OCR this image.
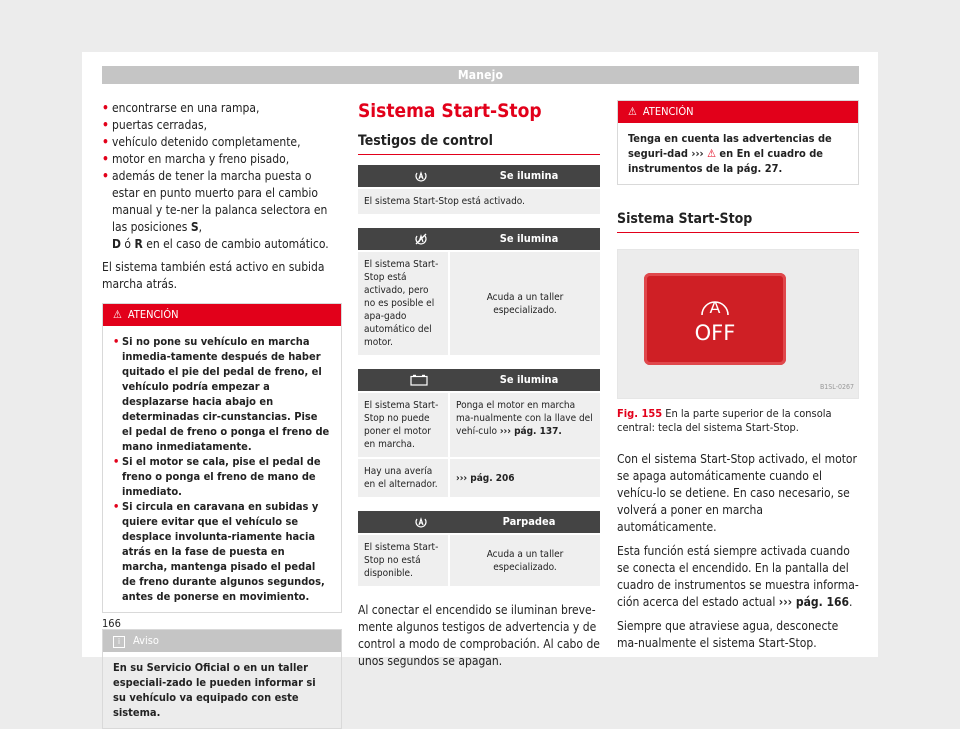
Manejo
• encontrarse en una rampa,
• puertas cerradas,
• vehículo detenido completamente,
• motor en marcha y freno pisado,
• además de tener la marcha puesta o estar en punto muerto para el cambio manual y te-ner la palanca selectora en las posiciones S,
D ó R en el caso de cambio automático.

El sistema también está activo en subida marcha atrás.

⚠ ATENCIÓN
• Si no pone su vehículo en marcha inmedia-tamente después de haber quitado el pie del pedal de freno, el vehículo podría empezar a desplazarse hacia abajo en determinadas cir-cunstancias. Pise el pedal de freno o ponga el freno de mano inmediatamente.
• Si el motor se cala, pise el pedal de freno o ponga el freno de mano de inmediato.
• Si circula en caravana en subidas y quiere evitar que el vehículo se desplace involunta-riamente hacia atrás en la fase de puesta en marcha, mantenga pisado el pedal de freno durante algunos segundos, antes de ponerse en movimiento.
i Aviso
En su Servicio Oficial o en un taller especiali-zado le pueden informar si su vehículo va equipado con este sistema.
Sistema Start-Stop
Testigos de control
Se ilumina
El sistema Start-Stop está activado.
Se ilumina
El sistema Start-Stop está activado, pero no es posible el apa-gado automático del motor.
Acuda a un taller especializado.
Se ilumina
El sistema Start-Stop no puede poner el motor en marcha.
Ponga el motor en marcha ma-nualmente con la llave del vehí-culo ››› pág. 137.
Hay una avería en el alternador.
››› pág. 206
Parpadea
El sistema Start-Stop no está disponible.
Acuda a un taller especializado.

Al conectar el encendido se iluminan breve-mente algunos testigos de advertencia y de control a modo de comprobación. Al cabo de unos segundos se apagan.

⚠ ATENCIÓN
Tenga en cuenta las advertencias de seguri-dad ››› ⚠ en En el cuadro de instrumentos de la pág. 27.
Sistema Start-Stop
A
OFF
B1SL-0267
Fig. 155 En la parte superior de la consola central: tecla del sistema Start-Stop.

Con el sistema Start-Stop activado, el motor se apaga automáticamente cuando el vehícu-lo se detiene. En caso necesario, se volverá a poner en marcha automáticamente.

Esta función está siempre activada cuando se conecta el encendido. En la pantalla del cuadro de instrumentos se muestra informa-ción acerca del estado actual ››› pág. 166.

Siempre que atraviese agua, desconecte ma-nualmente el sistema Start-Stop.

166
